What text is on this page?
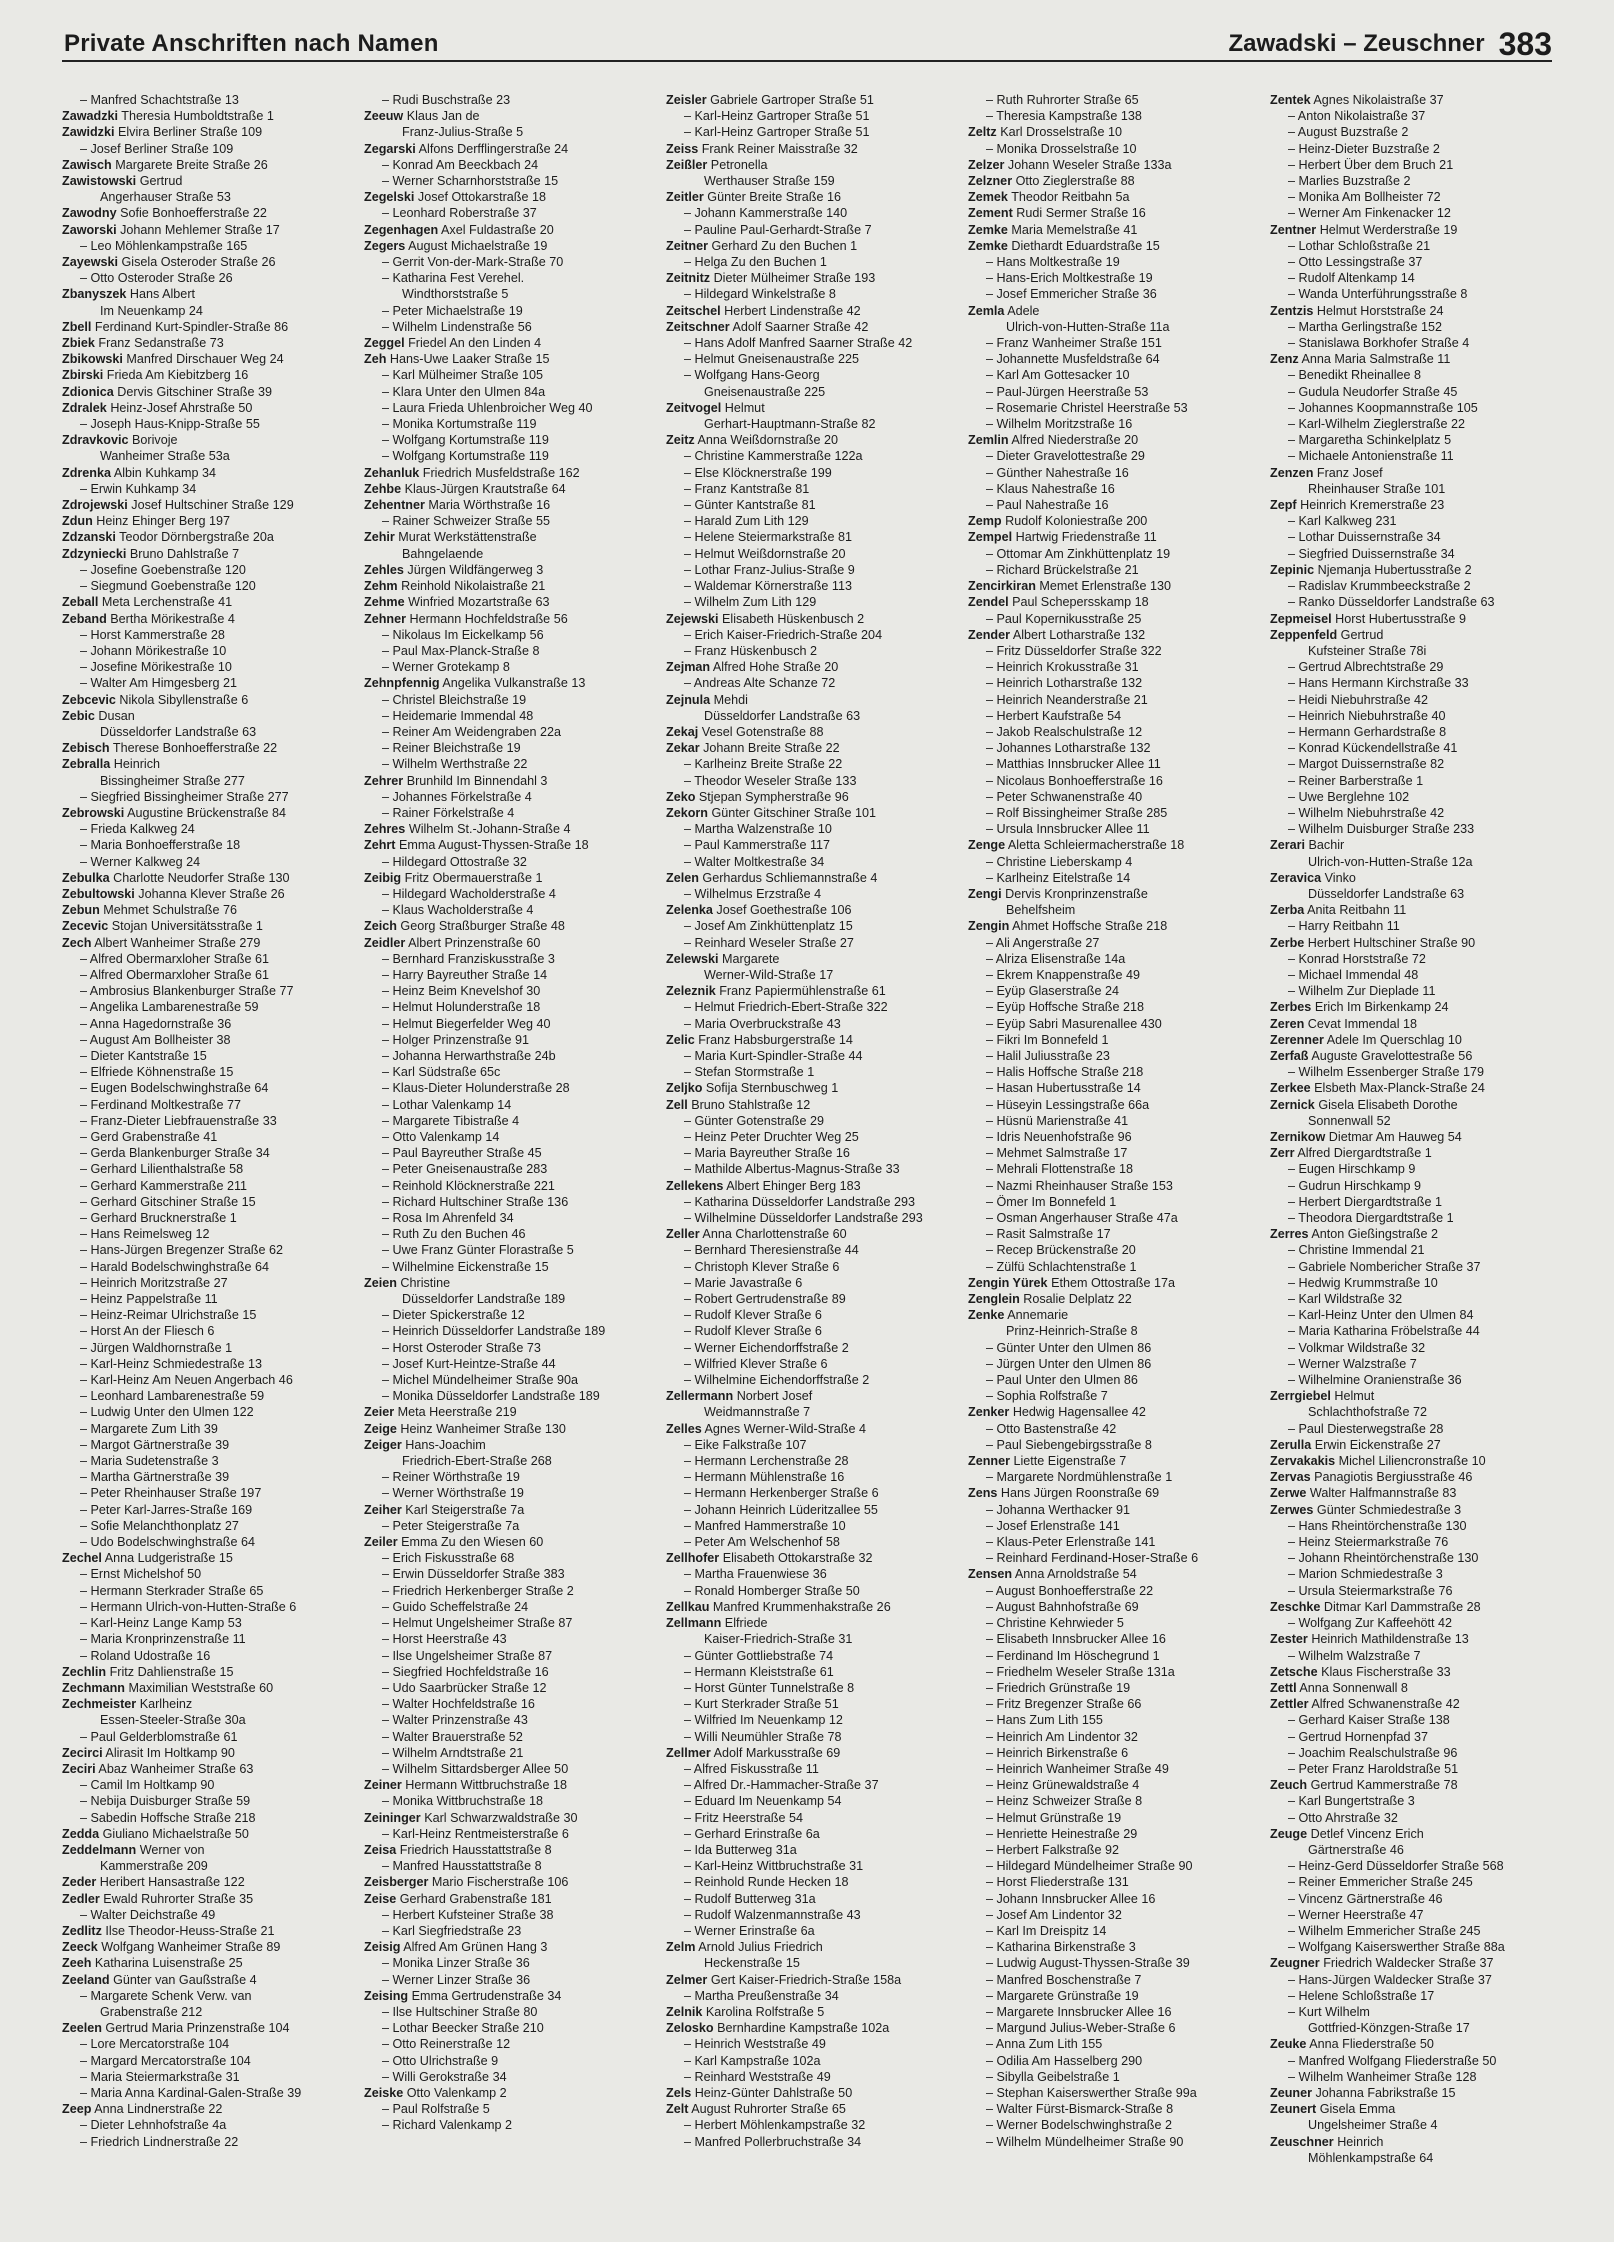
Private Anschriften nach Namen	Zawadski – Zeuschner 383
– Manfred Schachtstraße 13
Zawadzki Theresia Humboldtstraße 1
Zawidzki Elvira Berliner Straße 109
– Josef Berliner Straße 109
Zawisch Margarete Breite Straße 26
Zawistowski Gertrud
Angerhauser Straße 53
Zawodny Sofie Bonhoefferstraße 22
Zaworski Johann Mehlemer Straße 17
– Leo Möhlenkampstraße 165
Zayewski Gisela Osteroder Straße 26
– Otto Osteroder Straße 26
Zbanyszek Hans Albert
Im Neuenkamp 24
Zbell Ferdinand Kurt-Spindler-Straße 86
Zbiek Franz Sedanstraße 73
Zbikowski Manfred Dirschauer Weg 24
Zbirski Frieda Am Kiebitzberg 16
Zdionica Dervis Gitschiner Straße 39
Zdralek Heinz-Josef Ahrstraße 50
– Joseph Haus-Knipp-Straße 55
Zdravkovic Borivoje
Wanheimer Straße 53a
Zdrenka Albin Kuhkamp 34
– Erwin Kuhkamp 34
Zdrojewski Josef Hultschiner Straße 129
Zdun Heinz Ehinger Berg 197
Zdzanski Teodor Dörnbergstraße 20a
Zdzyniecki Bruno Dahlstraße 7
– Josefine Goebenstraße 120
– Siegmund Goebenstraße 120
Zeball Meta Lerchenstraße 41
Zeband Bertha Mörikestraße 4
– Horst Kammerstraße 28
– Johann Mörikestraße 10
– Josefine Mörikestraße 10
– Walter Am Himgesberg 21
Zebcevic Nikola Sibyllenstraße 6
Zebic Dusan
Düsseldorfer Landstraße 63
Zebisch Therese Bonhoefferstraße 22
Zebralla Heinrich
Bissingheimer Straße 277
– Siegfried Bissingheimer Straße 277
Zebrowski Augustine Brückenstraße 84
– Frieda Kalkweg 24
– Maria Bonhoefferstraße 18
– Werner Kalkweg 24
Zebulka Charlotte Neudorfer Straße 130
Zebultowski Johanna Klever Straße 26
Zebun Mehmet Schulstraße 76
Zecevic Stojan Universitätsstraße 1
Zech Albert Wanheimer Straße 279
– Alfred Obermarxloher Straße 61
– Alfred Obermarxloher Straße 61
– Ambrosius Blankenburger Straße 77
– Angelika Lambarenestraße 59
– Anna Hagedornstraße 36
– August Am Bollheister 38
– Dieter Kantstraße 15
– Elfriede Köhnenstraße 15
– Eugen Bodelschwinghstraße 64
– Ferdinand Moltkestraße 77
– Franz-Dieter Liebfrauenstraße 33
– Gerd Grabenstraße 41
– Gerda Blankenburger Straße 34
– Gerhard Lilienthalstraße 58
– Gerhard Kammerstraße 211
– Gerhard Gitschiner Straße 15
– Gerhard Brucknerstraße 1
– Hans Reimelsweg 12
– Hans-Jürgen Bregenzer Straße 62
– Harald Bodelschwinghstraße 64
– Heinrich Moritzstraße 27
– Heinz Pappelstraße 11
– Heinz-Reimar Ulrichstraße 15
– Horst An der Fliesch 6
– Jürgen Waldhornstraße 1
– Karl-Heinz Schmiedestraße 13
– Karl-Heinz Am Neuen Angerbach 46
– Leonhard Lambarenestraße 59
– Ludwig Unter den Ulmen 122
– Margarete Zum Lith 39
– Margot Gärtnerstraße 39
– Maria Sudetenstraße 3
– Martha Gärtnerstraße 39
– Peter Rheinhauser Straße 197
– Peter Karl-Jarres-Straße 169
– Sofie Melanchthonplatz 27
– Udo Bodelschwinghstraße 64
Zechel Anna Ludgeristraße 15
– Ernst Michelshof 50
– Hermann Sterkrader Straße 65
– Hermann Ulrich-von-Hutten-Straße 6
– Karl-Heinz Lange Kamp 53
– Maria Kronprinzenstraße 11
– Roland Udostraße 16
Zechlin Fritz Dahlienstraße 15
Zechmann Maximilian Weststraße 60
Zechmeister Karlheinz
Essen-Steeler-Straße 30a
– Paul Gelderblomstraße 61
Zecirci Alirasit Im Holtkamp 90
Zeciri Abaz Wanheimer Straße 63
– Camil Im Holtkamp 90
– Nebija Duisburger Straße 59
– Sabedin Hoffsche Straße 218
Zedda Giuliano Michaelstraße 50
Zeddelmann Werner von
Kammerstraße 209
Zeder Heribert Hansastraße 122
Zedler Ewald Ruhrorter Straße 35
– Walter Deichstraße 49
Zedlitz Ilse Theodor-Heuss-Straße 21
Zeeck Wolfgang Wanheimer Straße 89
Zeeh Katharina Luisenstraße 25
Zeeland Günter van Gaußstraße 4
– Margarete Schenk Verw. van
Grabenstraße 212
Zeelen Gertrud Maria Prinzenstraße 104
– Lore Mercatorstraße 104
– Margard Mercatorstraße 104
– Maria Steiermarkstraße 31
– Maria Anna Kardinal-Galen-Straße 39
Zeep Anna Lindnerstraße 22
– Dieter Lehnhofstraße 4a
– Friedrich Lindnerstraße 22
– Rudi Buschstraße 23
Zeeuw Klaus Jan de
Franz-Julius-Straße 5
Zegarski Alfons Derfflingerstraße 24
– Konrad Am Beeckbach 24
– Werner Scharnhorststraße 15
Zegelski Josef Ottokarstraße 18
– Leonhard Roberstraße 37
Zegenhagen Axel Fuldastraße 20
Zegers August Michaelstraße 19
– Gerrit Von-der-Mark-Straße 70
– Katharina Fest Verehel.
Windthorststraße 5
– Peter Michaelstraße 19
– Wilhelm Lindenstraße 56
Zeggel Friedel An den Linden 4
Zeh Hans-Uwe Laaker Straße 15
– Karl Mülheimer Straße 105
– Klara Unter den Ulmen 84a
– Laura Frieda Uhlenbroicher Weg 40
– Monika Kortumstraße 119
– Wolfgang Kortumstraße 119
– Wolfgang Kortumstraße 119
Zehanluk Friedrich Musfeldstraße 162
Zehbe Klaus-Jürgen Krautstraße 64
Zehentner Maria Wörthstraße 16
– Rainer Schweizer Straße 55
Zehir Murat Werkstättenstraße
Bahngelaende
Zehles Jürgen Wildfängerweg 3
Zehm Reinhold Nikolaistraße 21
Zehme Winfried Mozartstraße 63
Zehner Hermann Hochfeldstraße 56
– Nikolaus Im Eickelkamp 56
– Paul Max-Planck-Straße 8
– Werner Grotekamp 8
Zehnpfennig Angelika Vulkanstraße 13
– Christel Bleichstraße 19
– Heidemarie Immendal 48
– Reiner Am Weidengraben 22a
– Reiner Bleichstraße 19
– Wilhelm Werthstraße 22
Zehrer Brunhild Im Binnendahl 3
– Johannes Förkelstraße 4
– Rainer Förkelstraße 4
Zehres Wilhelm St.-Johann-Straße 4
Zehrt Emma August-Thyssen-Straße 18
– Hildegard Ottostraße 32
Zeibig Fritz Obermauerstraße 1
– Hildegard Wacholderstraße 4
– Klaus Wacholderstraße 4
Zeich Georg Straßburger Straße 48
Zeidler Albert Prinzenstraße 60
– Bernhard Franziskusstraße 3
– Harry Bayreuther Straße 14
– Heinz Beim Knevelshof 30
– Helmut Holunderstraße 18
– Helmut Biegerfelder Weg 40
– Holger Prinzenstraße 91
– Johanna Herwarthstraße 24b
– Karl Südstraße 65c
– Klaus-Dieter Holunderstraße 28
– Lothar Valenkamp 14
– Margarete Tibistraße 4
– Otto Valenkamp 14
– Paul Bayreuther Straße 45
– Peter Gneisenaustraße 283
– Reinhold Klöcknerstraße 221
– Richard Hultschiner Straße 136
– Rosa Im Ahrenfeld 34
– Ruth Zu den Buchen 46
– Uwe Franz Günter Florastraße 5
– Wilhelmine Eickenstraße 15
Zeien Christine
Düsseldorfer Landstraße 189
– Dieter Spickerstraße 12
– Heinrich Düsseldorfer Landstraße 189
– Horst Osteroder Straße 73
– Josef Kurt-Heintze-Straße 44
– Michel Mündelheimer Straße 90a
– Monika Düsseldorfer Landstraße 189
Zeier Meta Heerstraße 219
Zeige Heinz Wanheimer Straße 130
Zeiger Hans-Joachim
Friedrich-Ebert-Straße 268
– Reiner Wörthstraße 19
– Werner Wörthstraße 19
Zeiher Karl Steigerstraße 7a
– Peter Steigerstraße 7a
Zeiler Emma Zu den Wiesen 60
– Erich Fiskusstraße 68
– Erwin Düsseldorfer Straße 383
– Friedrich Herkenberger Straße 2
– Guido Scheffelstraße 24
– Helmut Ungelsheimer Straße 87
– Horst Heerstraße 43
– Ilse Ungelsheimer Straße 87
– Siegfried Hochfeldstraße 16
– Udo Saarbrücker Straße 12
– Walter Hochfeldstraße 16
– Walter Prinzenstraße 43
– Walter Brauerstraße 52
– Wilhelm Arndtstraße 21
– Wilhelm Sittardsberger Allee 50
Zeiner Hermann Wittbruchstraße 18
– Monika Wittbruchstraße 18
Zeininger Karl Schwarzwaldstraße 30
– Karl-Heinz Rentmeisterstraße 6
Zeisa Friedrich Hausstattstraße 8
– Manfred Hausstattstraße 8
Zeisberger Mario Fischerstraße 106
Zeise Gerhard Grabenstraße 181
– Herbert Kufsteiner Straße 38
– Karl Siegfriedstraße 23
Zeisig Alfred Am Grünen Hang 3
– Monika Linzer Straße 36
– Werner Linzer Straße 36
Zeising Emma Gertrudenstraße 34
– Ilse Hultschiner Straße 80
– Lothar Beecker Straße 210
– Otto Reinerstraße 12
– Otto Ulrichstraße 9
– Willi Gerokstraße 34
Zeiske Otto Valenkamp 2
– Paul Rolfstraße 5
– Richard Valenkamp 2
Zeisler Gabriele Gartroper Straße 51
– Karl-Heinz Gartroper Straße 51
– Karl-Heinz Gartroper Straße 51
Zeiss Frank Reiner Maisstraße 32
Zeißler Petronella
Werthauser Straße 159
Zeitler Günter Breite Straße 16
– Johann Kammerstraße 140
– Pauline Paul-Gerhardt-Straße 7
Zeitner Gerhard Zu den Buchen 1
– Helga Zu den Buchen 1
Zeitnitz Dieter Mülheimer Straße 193
– Hildegard Winkelstraße 8
Zeitschel Herbert Lindenstraße 42
Zeitschner Adolf Saarner Straße 42
– Hans Adolf Manfred Saarner Straße 42
– Helmut Gneisenaustraße 225
– Wolfgang Hans-Georg
Gneisenaustraße 225
Zeitvogel Helmut
Gerhart-Hauptmann-Straße 82
Zeitz Anna Weißdornstraße 20
– Christine Kammerstraße 122a
– Else Klöcknerstraße 199
– Franz Kantstraße 81
– Günter Kantstraße 81
– Harald Zum Lith 129
– Helene Steiermarkstraße 81
– Helmut Weißdornstraße 20
– Lothar Franz-Julius-Straße 9
– Waldemar Körnerstraße 113
– Wilhelm Zum Lith 129
Zejewski Elisabeth Hüskenbusch 2
– Erich Kaiser-Friedrich-Straße 204
– Franz Hüskenbusch 2
Zejman Alfred Hohe Straße 20
– Andreas Alte Schanze 72
Zejnula Mehdi
Düsseldorfer Landstraße 63
Zekaj Vesel Gotenstraße 88
Zekar Johann Breite Straße 22
– Karlheinz Breite Straße 22
– Theodor Weseler Straße 133
Zeko Stjepan Sympherstraße 96
Zekorn Günter Gitschiner Straße 101
– Martha Walzenstraße 10
– Paul Kammerstraße 117
– Walter Moltkestraße 34
Zelen Gerhardus Schliemannstraße 4
– Wilhelmus Erzstraße 4
Zelenka Josef Goethestraße 106
– Josef Am Zinkhüttenplatz 15
– Reinhard Weseler Straße 27
Zelewski Margarete
Werner-Wild-Straße 17
Zeleznik Franz Papiermühlenstraße 61
– Helmut Friedrich-Ebert-Straße 322
– Maria Overbruckstraße 43
Zelic Franz Habsburgerstraße 14
– Maria Kurt-Spindler-Straße 44
– Stefan Stormstraße 1
Zeljko Sofija Sternbuschweg 1
Zell Bruno Stahlstraße 12
– Günter Gotenstraße 29
– Heinz Peter Druchter Weg 25
– Maria Bayreuther Straße 16
– Mathilde Albertus-Magnus-Straße 33
Zellekens Albert Ehinger Berg 183
– Katharina Düsseldorfer Landstraße 293
– Wilhelmine Düsseldorfer Landstraße 293
Zeller Anna Charlottenstraße 60
– Bernhard Theresienstraße 44
– Christoph Klever Straße 6
– Marie Javastraße 6
– Robert Gertrudenstraße 89
– Rudolf Klever Straße 6
– Rudolf Klever Straße 6
– Werner Eichendorffstraße 2
– Wilfried Klever Straße 6
– Wilhelmine Eichendorffstraße 2
Zellermann Norbert Josef
Weidmannstraße 7
Zelles Agnes Werner-Wild-Straße 4
– Eike Falkstraße 107
– Hermann Lerchenstraße 28
– Hermann Mühlenstraße 16
– Hermann Herkenberger Straße 6
– Johann Heinrich Lüderitzallee 55
– Manfred Hammerstraße 10
– Peter Am Welschenhof 58
Zellhofer Elisabeth Ottokarstraße 32
– Martha Frauenwiese 36
– Ronald Homberger Straße 50
Zellkau Manfred Krummenhakstraße 26
Zellmann Elfriede
Kaiser-Friedrich-Straße 31
– Günter Gottliebstraße 74
– Hermann Kleiststraße 61
– Horst Günter Tunnelstraße 8
– Kurt Sterkrader Straße 51
– Wilfried Im Neuenkamp 12
– Willi Neumühler Straße 78
Zellmer Adolf Markusstraße 69
– Alfred Fiskusstraße 11
– Alfred Dr.-Hammacher-Straße 37
– Eduard Im Neuenkamp 54
– Fritz Heerstraße 54
– Gerhard Erinstraße 6a
– Ida Butterweg 31a
– Karl-Heinz Wittbruchstraße 31
– Reinhold Runde Hecken 18
– Rudolf Butterweg 31a
– Rudolf Walzenmannstraße 43
– Werner Erinstraße 6a
Zelm Arnold Julius Friedrich
Heckenstraße 15
Zelmer Gert Kaiser-Friedrich-Straße 158a
– Martha Preußenstraße 34
Zelnik Karolina Rolfstraße 5
Zelosko Bernhardine Kampstraße 102a
– Heinrich Weststraße 49
– Karl Kampstraße 102a
– Reinhard Weststraße 49
Zels Heinz-Günter Dahlstraße 50
Zelt August Ruhrorter Straße 65
– Herbert Möhlenkampstraße 32
– Manfred Pollerbruchstraße 34
– Ruth Ruhrorter Straße 65
– Theresia Kampstraße 138
Zeltz Karl Drosselstraße 10
– Monika Drosselstraße 10
Zelzer Johann Weseler Straße 133a
Zelzner Otto Zieglerstraße 88
Zemek Theodor Reitbahn 5a
Zement Rudi Sermer Straße 16
Zemke Maria Memelstraße 41
Zemke Diethardt Eduardstraße 15
– Hans Moltkestraße 19
– Hans-Erich Moltkestraße 19
– Josef Emmericher Straße 36
Zemla Adele
Ulrich-von-Hutten-Straße 11a
– Franz Wanheimer Straße 151
– Johannette Musfeldstraße 64
– Karl Am Gottesacker 10
– Paul-Jürgen Heerstraße 53
– Rosemarie Christel Heerstraße 53
– Wilhelm Moritzstraße 16
Zemlin Alfred Niederstraße 20
– Dieter Gravelottestraße 29
– Günther Nahestraße 16
– Klaus Nahestraße 16
– Paul Nahestraße 16
Zemp Rudolf Koloniestraße 200
Zempel Hartwig Friedenstraße 11
– Ottomar Am Zinkhüttenplatz 19
– Richard Brückelstraße 21
Zencirkiran Memet Erlenstraße 130
Zendel Paul Schepersskamp 18
– Paul Kopernikusstraße 25
Zender Albert Lotharstraße 132
– Fritz Düsseldorfer Straße 322
– Heinrich Krokusstraße 31
– Heinrich Lotharstraße 132
– Heinrich Neanderstraße 21
– Herbert Kaufstraße 54
– Jakob Realschulstraße 12
– Johannes Lotharstraße 132
– Matthias Innsbrucker Allee 11
– Nicolaus Bonhoefferstraße 16
– Peter Schwanenstraße 40
– Rolf Bissingheimer Straße 285
– Ursula Innsbrucker Allee 11
Zenge Aletta Schleiermacherstraße 18
– Christine Lieberskamp 4
– Karlheinz Eitelstraße 14
Zengi Dervis Kronprinzenstraße
Behelfsheim
Zengin Ahmet Hoffsche Straße 218
– Ali Angerstraße 27
– Alriza Elisenstraße 14a
– Ekrem Knappenstraße 49
– Eyüp Glaserstraße 24
– Eyüp Hoffsche Straße 218
– Eyüp Sabri Masurenallee 430
– Fikri Im Bonnefeld 1
– Halil Juliusstraße 23
– Halis Hoffsche Straße 218
– Hasan Hubertusstraße 14
– Hüseyin Lessingstraße 66a
– Hüsnü Marienstraße 41
– Idris Neuenhofstraße 96
– Mehmet Salmstraße 17
– Mehrali Flottenstraße 18
– Nazmi Rheinhauser Straße 153
– Ömer Im Bonnefeld 1
– Osman Angerhauser Straße 47a
– Rasit Salmstraße 17
– Recep Brückenstraße 20
– Zülfü Schlachtenstraße 1
Zengin Yürek Ethem Ottostraße 17a
Zenglein Rosalie Delplatz 22
Zenke Annemarie
Prinz-Heinrich-Straße 8
– Günter Unter den Ulmen 86
– Jürgen Unter den Ulmen 86
– Paul Unter den Ulmen 86
– Sophia Rolfstraße 7
Zenker Hedwig Hagensallee 42
– Otto Bastenstraße 42
– Paul Siebengebirgsstraße 8
Zenner Liette Eigenstraße 7
– Margarete Nordmühlenstraße 1
Zens Hans Jürgen Roonstraße 69
– Johanna Werthacker 91
– Josef Erlenstraße 141
– Klaus-Peter Erlenstraße 141
– Reinhard Ferdinand-Hoser-Straße 6
Zensen Anna Arnoldstraße 54
– August Bonhoefferstraße 22
– August Bahnhofstraße 69
– Christine Kehrwieder 5
– Elisabeth Innsbrucker Allee 16
– Ferdinand Im Höschegrund 1
– Friedhelm Weseler Straße 131a
– Friedrich Grünstraße 19
– Fritz Bregenzer Straße 66
– Hans Zum Lith 155
– Heinrich Am Lindentor 32
– Heinrich Birkenstraße 6
– Heinrich Wanheimer Straße 49
– Heinz Grünewaldstraße 4
– Heinz Schweizer Straße 8
– Helmut Grünstraße 19
– Henriette Heinestraße 29
– Herbert Falkstraße 92
– Hildegard Mündelheimer Straße 90
– Horst Fliederstraße 131
– Johann Innsbrucker Allee 16
– Josef Am Lindentor 32
– Karl Im Dreispitz 14
– Katharina Birkenstraße 3
– Ludwig August-Thyssen-Straße 39
– Manfred Boschenstraße 7
– Margarete Grünstraße 19
– Margarete Innsbrucker Allee 16
– Margund Julius-Weber-Straße 6
– Anna Zum Lith 155
– Odilia Am Hasselberg 290
– Sibylla Geibelstraße 1
– Stephan Kaiserswerther Straße 99a
– Walter Fürst-Bismarck-Straße 8
– Werner Bodelschwinghstraße 2
– Wilhelm Mündelheimer Straße 90
Zentek Agnes Nikolaistraße 37
– Anton Nikolaistraße 37
– August Buzstraße 2
– Heinz-Dieter Buzstraße 2
– Herbert Über dem Bruch 21
– Marlies Buzstraße 2
– Monika Am Bollheister 72
– Werner Am Finkenacker 12
Zentner Helmut Werderstraße 19
– Lothar Schloßstraße 21
– Otto Lessingstraße 37
– Rudolf Altenkamp 14
– Wanda Unterführungsstraße 8
Zentzis Helmut Horststraße 24
– Martha Gerlingstraße 152
– Stanislawa Borkhofer Straße 4
Zenz Anna Maria Salmstraße 11
– Benedikt Rheinallee 8
– Gudula Neudorfer Straße 45
– Johannes Koopmannstraße 105
– Karl-Wilhelm Zieglerstraße 22
– Margaretha Schinkelplatz 5
– Michaele Antonienstraße 11
Zenzen Franz Josef
Rheinhauser Straße 101
Zepf Heinrich Kremerstraße 23
– Karl Kalkweg 231
– Lothar Duissernstraße 34
– Siegfried Duissernstraße 34
Zepinic Njemanja Hubertusstraße 2
– Radislav Krummbeeckstraße 2
– Ranko Düsseldorfer Landstraße 63
Zepmeisel Horst Hubertusstraße 9
Zeppenfeld Gertrud
Kufsteiner Straße 78i
– Gertrud Albrechtstraße 29
– Hans Hermann Kirchstraße 33
– Heidi Niebuhrstraße 42
– Heinrich Niebuhrstraße 40
– Hermann Gerhardstraße 8
– Konrad Kückendellstraße 41
– Margot Duissernstraße 82
– Reiner Barberstraße 1
– Uwe Berglehne 102
– Wilhelm Niebuhrstraße 42
– Wilhelm Duisburger Straße 233
Zerari Bachir
Ulrich-von-Hutten-Straße 12a
Zeravica Vinko
Düsseldorfer Landstraße 63
Zerba Anita Reitbahn 11
– Harry Reitbahn 11
Zerbe Herbert Hultschiner Straße 90
– Konrad Horststraße 72
– Michael Immendal 48
– Wilhelm Zur Dieplade 11
Zerbes Erich Im Birkenkamp 24
Zeren Cevat Immendal 18
Zerenner Adele Im Querschlag 10
Zerfaß Auguste Gravelottestraße 56
– Wilhelm Essenberger Straße 179
Zerkee Elsbeth Max-Planck-Straße 24
Zernick Gisela Elisabeth Dorothe
Sonnenwall 52
Zernikow Dietmar Am Hauweg 54
Zerr Alfred Diergardtstraße 1
– Eugen Hirschkamp 9
– Gudrun Hirschkamp 9
– Herbert Diergardtstraße 1
– Theodora Diergardtstraße 1
Zerres Anton Gießingstraße 2
– Christine Immendal 21
– Gabriele Nombericher Straße 37
– Hedwig Krummstraße 10
– Karl Wildstraße 32
– Karl-Heinz Unter den Ulmen 84
– Maria Katharina Fröbelstraße 44
– Volkmar Wildstraße 32
– Werner Walzstraße 7
– Wilhelmine Oranienstraße 36
Zerrgiebel Helmut
Schlachthofstraße 72
– Paul Diesterwegstraße 28
Zerulla Erwin Eickenstraße 27
Zervakakis Michel Liliencronstraße 10
Zervas Panagiotis Bergiusstraße 46
Zerwe Walter Halfmannstraße 83
Zerwes Günter Schmiedestraße 3
– Hans Rheintörchenstraße 130
– Heinz Steiermarkstraße 76
– Johann Rheintörchenstraße 130
– Marion Schmiedestraße 3
– Ursula Steiermarkstraße 76
Zeschke Ditmar Karl Dammstraße 28
– Wolfgang Zur Kaffeehött 42
Zester Heinrich Mathildenstraße 13
– Wilhelm Walzstraße 7
Zetsche Klaus Fischerstraße 33
Zettl Anna Sonnenwall 8
Zettler Alfred Schwanenstraße 42
– Gerhard Kaiser Straße 138
– Gertrud Hornenpfad 37
– Joachim Realschulstraße 96
– Peter Franz Haroldstraße 51
Zeuch Gertrud Kammerstraße 78
– Karl Bungertstraße 3
– Otto Ahrstraße 32
Zeuge Detlef Vincenz Erich
Gärtnerstraße 46
– Heinz-Gerd Düsseldorfer Straße 568
– Reiner Emmericher Straße 245
– Vincenz Gärtnerstraße 46
– Werner Heerstraße 47
– Wilhelm Emmericher Straße 245
– Wolfgang Kaiserswerther Straße 88a
Zeugner Friedrich Waldecker Straße 37
– Hans-Jürgen Waldecker Straße 37
– Helene Schloßstraße 17
– Kurt Wilhelm
Gottfried-Könzgen-Straße 17
Zeuke Anna Fliederstraße 50
– Manfred Wolfgang Fliederstraße 50
– Wilhelm Wanheimer Straße 128
Zeuner Johanna Fabrikstraße 15
Zeunert Gisela Emma
Ungelsheimer Straße 4
Zeuschner Heinrich
Möhlenkampstraße 64
